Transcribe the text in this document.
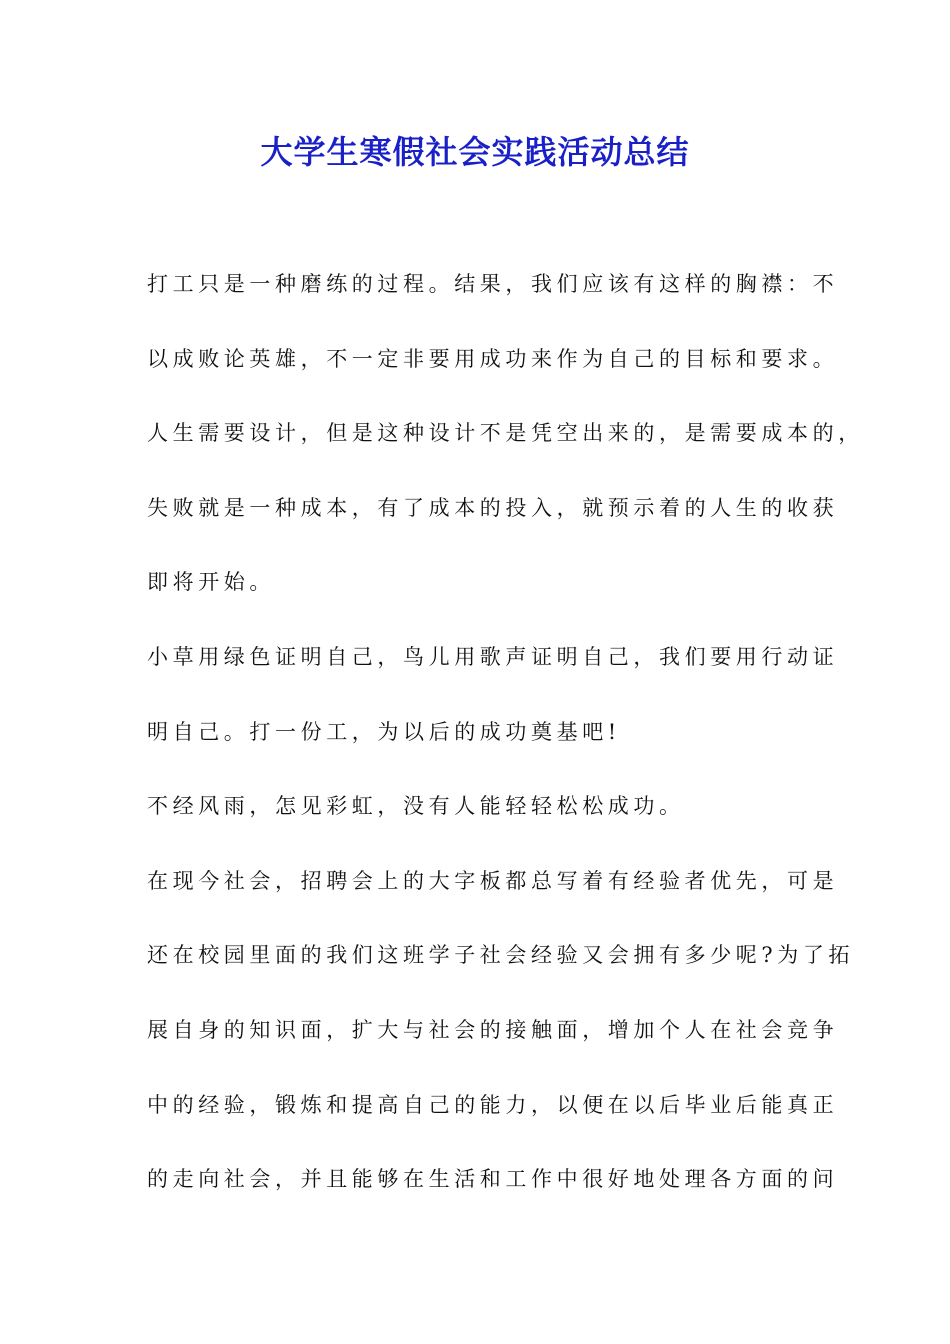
大学生寒假社会实践活动总结
打工只是一种磨练的过程。结果，我们应该有这样的胸襟：不
以成败论英雄，不一定非要用成功来作为自己的目标和要求。
人生需要设计，但是这种设计不是凭空出来的，是需要成本的，
失败就是一种成本，有了成本的投入，就预示着的人生的收获
即将开始。
小草用绿色证明自己，鸟儿用歌声证明自己，我们要用行动证
明自己。打一份工，为以后的成功奠基吧!
不经风雨，怎见彩虹，没有人能轻轻松松成功。
在现今社会，招聘会上的大字板都总写着有经验者优先，可是
还在校园里面的我们这班学子社会经验又会拥有多少呢?为了拓
展自身的知识面，扩大与社会的接触面，增加个人在社会竞争
中的经验，锻炼和提高自己的能力，以便在以后毕业后能真正
的走向社会，并且能够在生活和工作中很好地处理各方面的问
